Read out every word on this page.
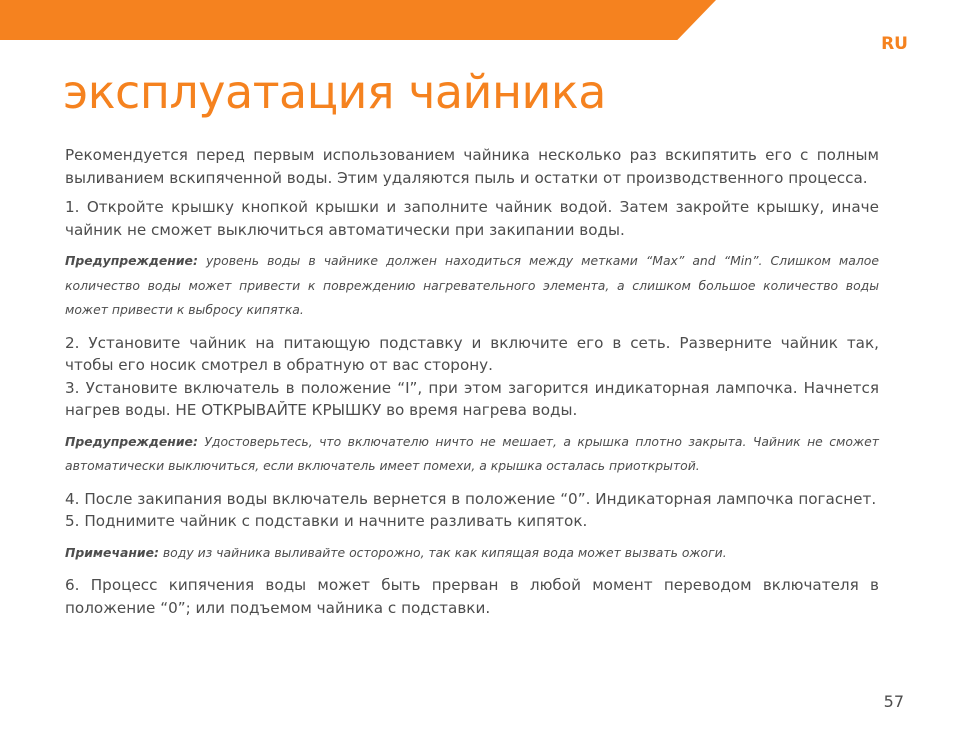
RU
эксплуатация чайника

Рекомендуется перед первым использованием чайника несколько раз вскипятить его с полным выливанием вскипяченной воды. Этим удаляются пыль и остатки от производственного процесса.

1. Откройте крышку кнопкой крышки и заполните чайник водой. Затем закройте крышку, иначе чайник не сможет выключиться автоматически при закипании воды.

Предупреждение: уровень воды в чайнике должен находиться между метками “Max” and “Min”. Слишком малое количество воды может привести к повреждению нагревательного элемента, а слишком большое количество воды может привести к выбросу кипятка.

2. Установите чайник на питающую подставку и включите его в сеть. Разверните чайник так, чтобы его носик смотрел в обратную от вас сторону.

3. Установите включатель в положение “I”, при этом загорится индикаторная лампочка. Начнется нагрев воды. НЕ ОТКРЫВАЙТЕ КРЫШКУ во время нагрева воды.

Предупреждение: Удостоверьтесь, что включателю ничто не мешает, а крышка плотно закрыта. Чайник не сможет автоматически выключиться, если включатель имеет помехи, а крышка осталась приоткрытой.

4. После закипания воды включатель вернется в положение “0”. Индикаторная лампочка погаснет.

5. Поднимите чайник с подставки и начните разливать кипяток.

Примечание: воду из чайника выливайте осторожно, так как кипящая вода может вызвать ожоги.

6. Процесс кипячения воды может быть прерван в любой момент переводом включателя в положение “0”; или подъемом чайника с подставки.

57
